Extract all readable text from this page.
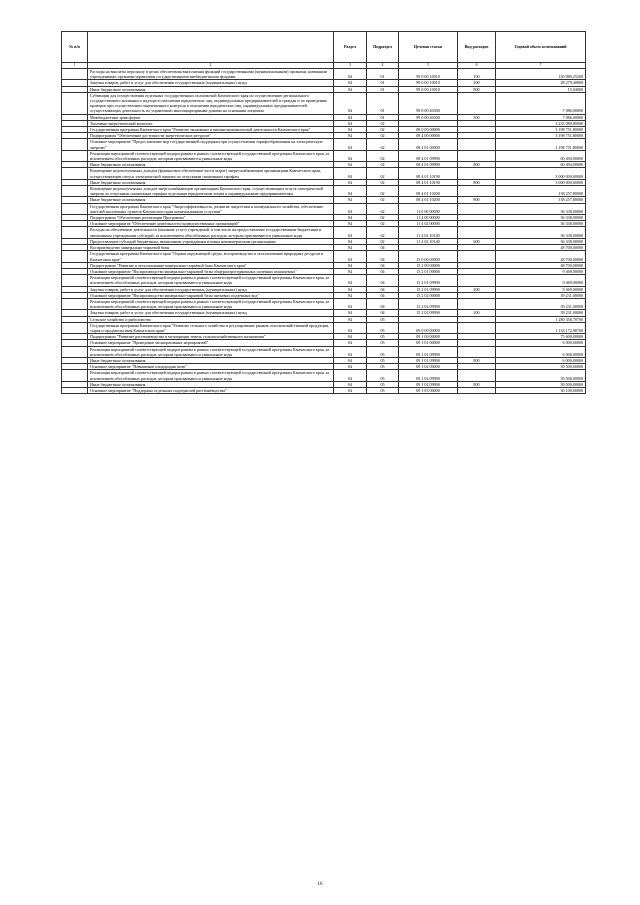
№ п/п		Раздел	Подраздел	Целевая статья	Вид расходов	Годовой объем ассигнований
1	2	3	4	5	6	7
	Расходы на выплаты персоналу в целях обеспечения выполнения функций государственными (муниципальными) органами, казенными учреждениями, органами управления государственными внебюджетными фондами	04	01	99 0 00 10010	100	130 980,25200
	Закупка товаров, работ и услуг для обеспечения государственных (муниципальных) нужд	04	01	99 0 00 10010	200	28 279,40800
	Иные бюджетные ассигнования	04	01	99 0 00 10010	800	15,04000
	Субвенции для осуществления отдельных государственных полномочий Камчатского края по осуществлению регионального государственного жилищного надзора в отношении юридических лиц, индивидуальных предпринимателей и граждан и по проведению проверок при осуществлении лицензионного контроля в отношении юридических лиц, индивидуальных предпринимателей, осуществляющих деятельность по управлению многоквартирными домами на основании лицензии	04	01	99 0 00 40300		7 086,00000
	Межбюджетные трансферты	04	01	99 0 00 40300	500	7 086,00000
	Топливно-энергетический комплекс	04	02			3 235 089,80000
	Государственная программа Камчатского края "Развитие экономики и внешнеэкономической деятельности Камчатского края"	04	02	08 0 00 00000		3 198 751,80000
	Подпрограмма "Обеспечение доступности энергетических ресурсов"	04	02	08 4 00 00000		3 198 751,80000
	Основное мероприятие "Предоставление мер государственной поддержки при осуществлении тарифообразования на электрическую энергию"	04	02	08 4 01 00000		3 198 751,80000
	Реализация мероприятий соответствующей подпрограммы в рамках соответствующей государственной программы Камчатского края, за исключением обособленных расходов, которым присваиваются уникальные коды	04	02	08 4 01 09990		60 494,00000
	Иные бюджетные ассигнования	04	02	08 4 01 09990	800	60 494,00000
	Возмещение недополученных доходов (финансовое обеспечение части затрат) энергоснабжающим организациям Камчатского края, осуществляющим отпуск электрической энергии по отпускным сниженным тарифам	04	02	08 4 01 10190		3 000 000,00000
	Иные бюджетные ассигнования	04	02	08 4 01 10190	800	3 000 000,00000
	Возмещение недополученных доходов энергоснабжающим организациям Камчатского края, осуществляющим отпуск электрической энергии по отпускным сниженным тарифам отдельным юридическим лицам и индивидуальным предпринимателям	04	02	08 4 01 10200		138 257,80000
	Иные бюджетные ассигнования	04	02	08 4 01 10200	800	138 257,80000
	Государственная программа Камчатского края "Энергоэффективность, развитие энергетики и коммунального хозяйства, обеспечение жителей населенных пунктов Камчатского края коммунальными услугами"	04	02	11 0 00 00000		36 338,00000
	Подпрограмма "Обеспечение реализации Программы"	04	02	11 4 00 00000		36 338,00000
	Основное мероприятие "Обеспечение деятельности подведомственных организаций"	04	02	11 4 02 00000		36 338,00000
	Расходы на обеспечение деятельности (оказание услуг) учреждений, в том числе на предоставление государственным бюджетным и автономным учреждениям субсидий, за исключением обособленных расходов, которым присваиваются уникальные коды	04	02	11 4 02 10140		36 338,00000
	Предоставление субсидий бюджетным, автономным учреждениям и иным некоммерческим организациям	04	02	11 4 02 10140	600	36 338,00000
	Воспроизводство минерально-сырьевой базы	04	04			48 700,00000
	Государственная программа Камчатского края "Охрана окружающей среды, воспроизводство и использование природных ресурсов в Камчатском крае"	04	04	15 0 00 00000		48 700,00000
	Подпрограмма "Развитие и использование минерально-сырьевой базы Камчатского края"	04	04	15 2 00 00000		48 700,00000
	Основное мероприятие "Воспроизводство минерально-сырьевой базы общераспространенных полезных ископаемых"	04	04	15 2 01 00000		9 469,00000
	Реализация мероприятий соответствующей подпрограммы в рамках соответствующей государственной программы Камчатского края, за исключением обособленных расходов, которым присваиваются уникальные коды	04	04	15 2 01 09990		9 469,00000
	Закупка товаров, работ и услуг для обеспечения государственных (муниципальных) нужд	04	04	15 2 01 09990	200	9 469,00000
	Основное мероприятие "Воспроизводство минерально-сырьевой базы питьевых подземных вод"	04	04	15 2 02 00000		39 231,00000
	Реализация мероприятий соответствующей подпрограммы в рамках соответствующей государственной программы Камчатского края, за исключением обособленных расходов, которым присваиваются уникальные коды	04	04	15 2 02 09990		39 231,00000
	Закупка товаров, работ и услуг для обеспечения государственных (муниципальных) нужд	04	04	15 2 02 09990	200	39 231,00000
	Сельское хозяйство и рыболовство	04	05			1 280 358,78700
	Государственная программа Камчатского края "Развитие сельского хозяйства и регулирование рынков сельскохозяйственной продукции, сырья и продовольствия Камчатского края"	04	05	09 0 00 00000		1 133 172,98700
	Подпрограмма "Развитие растениеводства и мелиорации земель сельскохозяйственного назначения"	04	05	09 1 00 00000		75 600,00000
	Основное мероприятие "Проведение мелиоративных мероприятий"	04	05	09 1 01 00000		6 000,00000
	Реализация мероприятий соответствующей подпрограммы в рамках соответствующей государственной программы Камчатского края, за исключением обособленных расходов, которым присваиваются уникальные коды	04	05	09 1 01 09990		6 000,00000
	Иные бюджетные ассигнования	04	05	09 1 01 09990	800	6 000,00000
	Основное мероприятие "Повышение плодородия почв"	04	05	09 1 02 00000		39 500,00000
	Реализация мероприятий соответствующей подпрограммы в рамках соответствующей государственной программы Камчатского края, за исключением обособленных расходов, которым присваиваются уникальные коды	04	05	09 1 02 09990		39 500,00000
	Иные бюджетные ассигнования	04	05	09 1 02 09990	800	39 500,00000
	Основное мероприятие "Поддержка отдельных подотраслей растениеводства"	04	05	09 1 03 00000		30 100,00000
16
